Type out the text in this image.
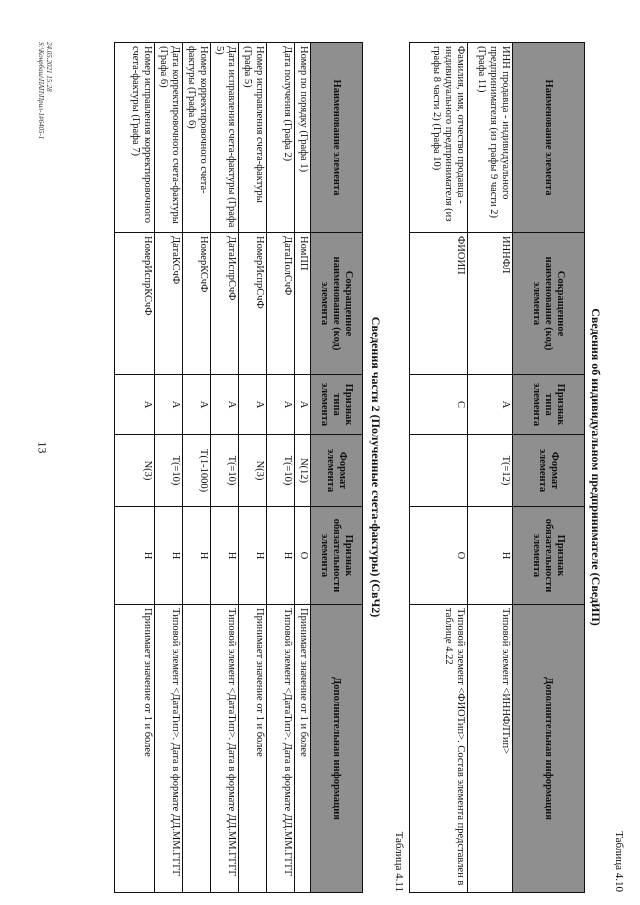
13
Таблица 4.10
Сведения об индивидуальном предпринимателе (СведИП)
Наименование элемента	Сокращенное наименование (код) элемента	Признак типа элемента	Формат элемента	Признак обязательности элемента	Дополнительная информация
ИНН продавца - индивидуального предпринимателя (из графы 9 части 2) (Графа 11)	ИННФЛ	А	T(=12)	Н	Типовой элемент <ИННФЛТип>
Фамилия, имя, отчество продавца - индивидуального предпринимателя (из графы 8 части 2) (Графа 10)	ФИОИП	С		О	Типовой элемент <ФИОТип>. Состав элемента представлен в таблице 4.22
Таблица 4.11
Сведения части 2 (Полученные счета-фактуры) (СвЧ2)
Наименование элемента	Сокращенное наименование (код) элемента	Признак типа элемента	Формат элемента	Признак обязательности элемента	Дополнительная информация
Номер по порядку (Графа 1)	НомПП	А	N(12)	О	Принимает значение от 1 и более
Дата получения (Графа 2)	ДатаПолСчФ	А	T(=10)	Н	Типовой элемент <ДатаТип>. Дата в формате ДД.ММ.ГГГГ
Номер исправления счета-фактуры (Графа 5)	НомерИспрСчФ	А	N(3)	Н	Принимает значение от 1 и более
Дата исправления счета-фактуры (Графа 5)	ДатаИспрСчФ	А	T(=10)	Н	Типовой элемент <ДатаТип>. Дата в формате ДД.ММ.ГГГГ
Номер корректировочного счета-фактуры (Графа 6)	НомерКСчФ	А	T(1-1000)	Н	
Дата корректировочного счета-фактуры (Графа 6)	ДатаКСчФ	А	T(=10)	Н	Типовой элемент <ДатаТип>. Дата в формате ДД.ММ.ГГГГ
Номер исправления корректировочного счета-фактуры (Графа 7)	НомерИспрКСчФ	А	N(3)	Н	Принимает значение от 1 и более
24.05.2021 15:28
S:\Конрбаш\ПАП\Прил-1#6405-1
